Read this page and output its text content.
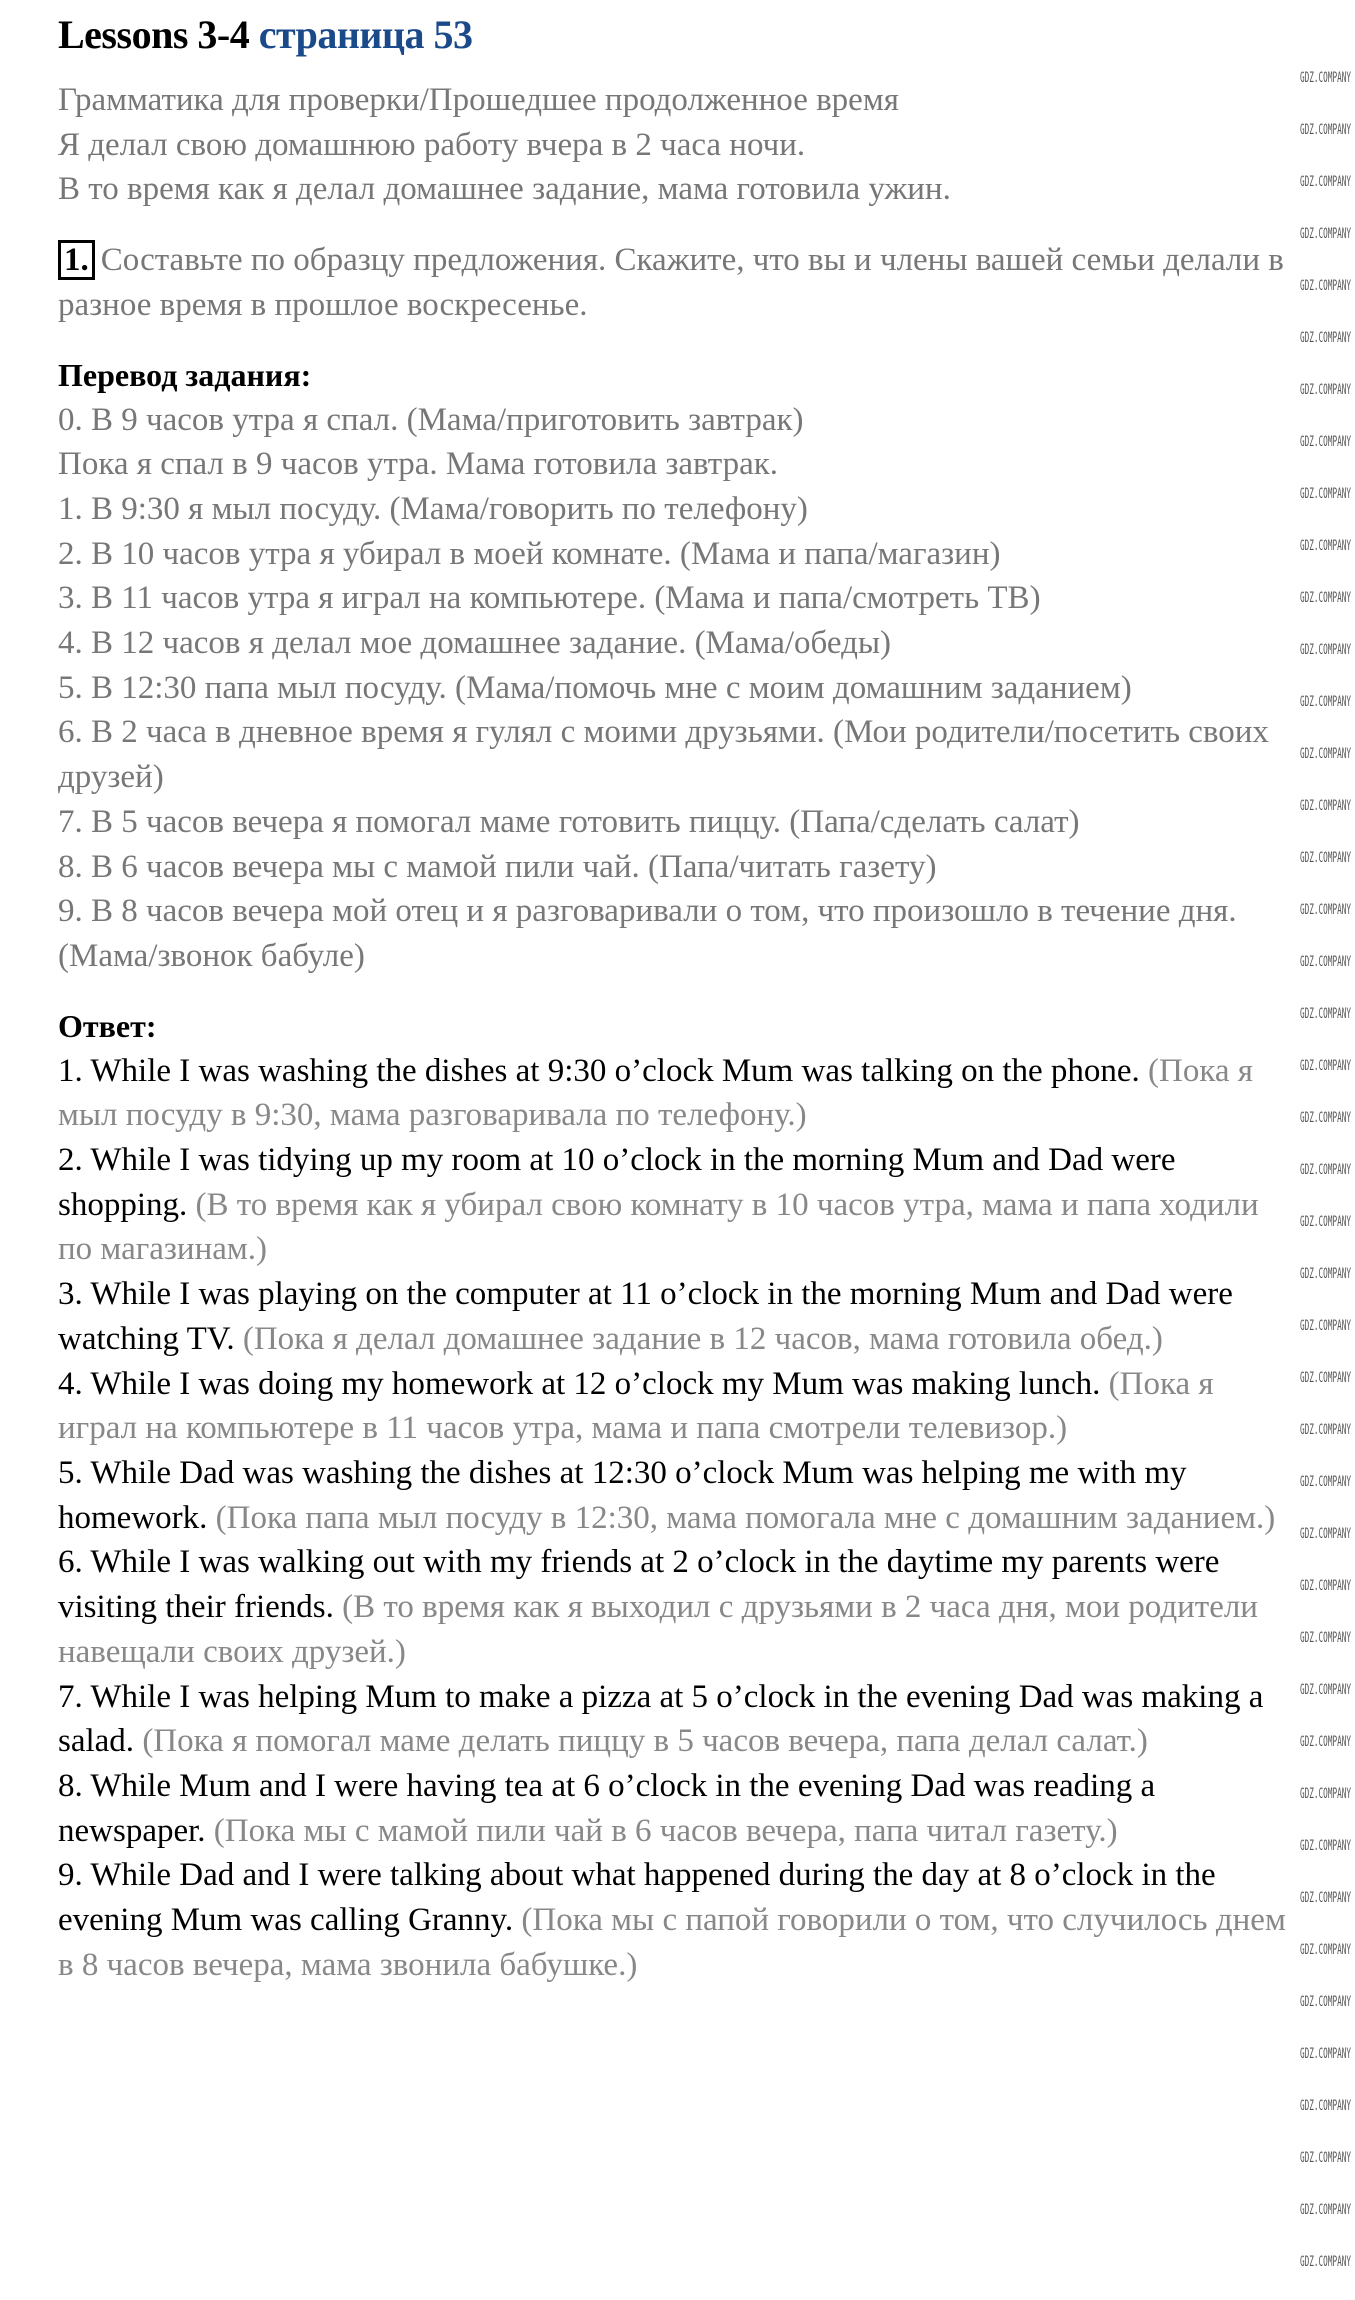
Lessons 3-4 страница 53

Грамматика для проверки/Прошедшее продолженное время

Я делал свою домашнюю работу вчера в 2 часа ночи.

В то время как я делал домашнее задание, мама готовила ужин.

1. Составьте по образцу предложения. Скажите, что вы и члены вашей семьи делали в разное время в прошлое воскресенье.

Перевод задания:

0. В 9 часов утра я спал. (Мама/приготовить завтрак)

Пока я спал в 9 часов утра. Мама готовила завтрак.

1. В 9:30 я мыл посуду. (Мама/говорить по телефону)

2. В 10 часов утра я убирал в моей комнате. (Мама и папа/магазин)

3. В 11 часов утра я играл на компьютере. (Мама и папа/смотреть ТВ)

4. В 12 часов я делал мое домашнее задание. (Мама/обеды)

5. В 12:30 папа мыл посуду. (Мама/помочь мне с моим домашним заданием)

6. В 2 часа в дневное время я гулял с моими друзьями. (Мои родители/посетить своих друзей)

7. В 5 часов вечера я помогал маме готовить пиццу. (Папа/сделать салат)

8. В 6 часов вечера мы с мамой пили чай. (Папа/читать газету)

9. В 8 часов вечера мой отец и я разговаривали о том, что произошло в течение дня. (Мама/звонок бабуле)

Ответ:

1. While I was washing the dishes at 9:30 o’clock Mum was talking on the phone. (Пока я мыл посуду в 9:30, мама разговаривала по телефону.)

2. While I was tidying up my room at 10 o’clock in the morning Mum and Dad were shopping. (В то время как я убирал свою комнату в 10 часов утра, мама и папа ходили по магазинам.)

3. While I was playing on the computer at 11 o’clock in the morning Mum and Dad were watching TV. (Пока я делал домашнее задание в 12 часов, мама готовила обед.)

4. While I was doing my homework at 12 o’clock my Mum was making lunch. (Пока я играл на компьютере в 11 часов утра, мама и папа смотрели телевизор.)

5. While Dad was washing the dishes at 12:30 o’clock Mum was helping me with my homework. (Пока папа мыл посуду в 12:30, мама помогала мне с домашним заданием.)

6. While I was walking out with my friends at 2 o’clock in the daytime my parents were visiting their friends. (В то время как я выходил с друзьями в 2 часа дня, мои родители навещали своих друзей.)

7. While I was helping Mum to make a pizza at 5 o’clock in the evening Dad was making a salad. (Пока я помогал маме делать пиццу в 5 часов вечера, папа делал салат.)

8. While Mum and I were having tea at 6 o’clock in the evening Dad was reading a newspaper. (Пока мы с мамой пили чай в 6 часов вечера, папа читал газету.)

9. While Dad and I were talking about what happened during the day at 8 o’clock in the evening Mum was calling Granny. (Пока мы с папой говорили о том, что случилось днем в 8 часов вечера, мама звонила бабушке.)

GDZ.COMPANY
GDZ.COMPANY
GDZ.COMPANY
GDZ.COMPANY
GDZ.COMPANY
GDZ.COMPANY
GDZ.COMPANY
GDZ.COMPANY
GDZ.COMPANY
GDZ.COMPANY
GDZ.COMPANY
GDZ.COMPANY
GDZ.COMPANY
GDZ.COMPANY
GDZ.COMPANY
GDZ.COMPANY
GDZ.COMPANY
GDZ.COMPANY
GDZ.COMPANY
GDZ.COMPANY
GDZ.COMPANY
GDZ.COMPANY
GDZ.COMPANY
GDZ.COMPANY
GDZ.COMPANY
GDZ.COMPANY
GDZ.COMPANY
GDZ.COMPANY
GDZ.COMPANY
GDZ.COMPANY
GDZ.COMPANY
GDZ.COMPANY
GDZ.COMPANY
GDZ.COMPANY
GDZ.COMPANY
GDZ.COMPANY
GDZ.COMPANY
GDZ.COMPANY
GDZ.COMPANY
GDZ.COMPANY
GDZ.COMPANY
GDZ.COMPANY
GDZ.COMPANY
